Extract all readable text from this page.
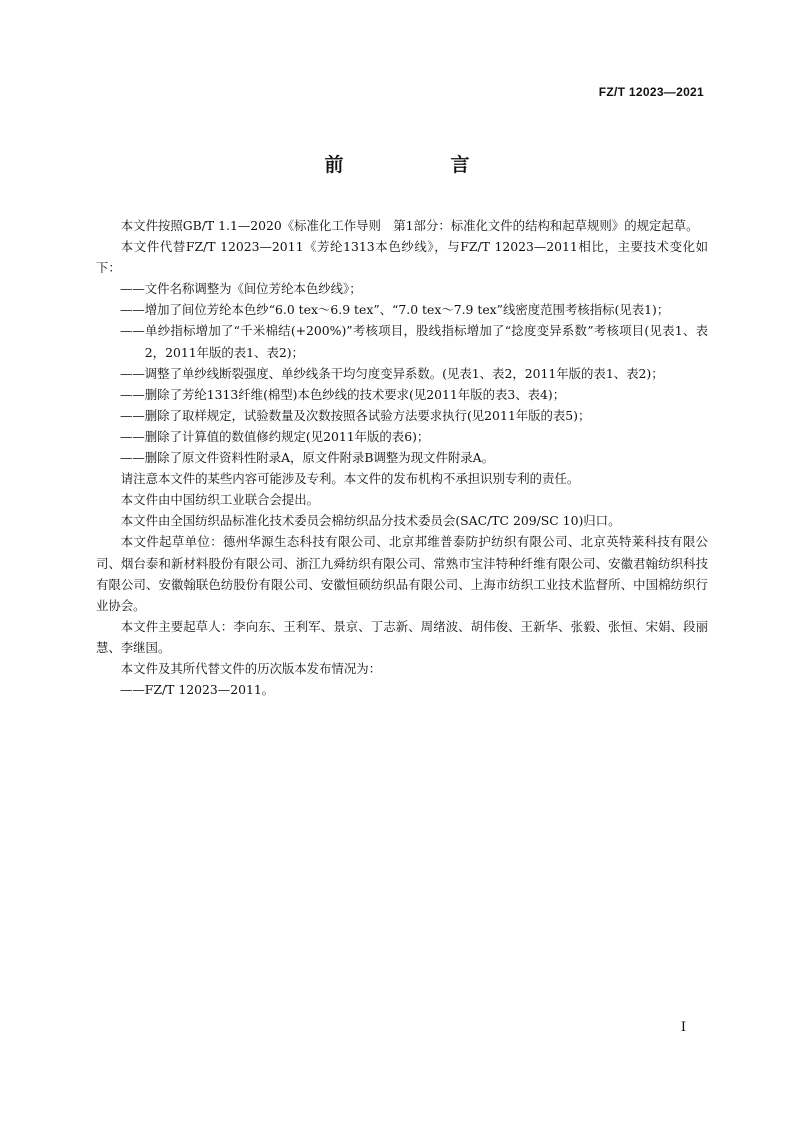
FZ/T 12023—2021
前　言

本文件按照GB/T 1.1—2020《标准化工作导则　第1部分：标准化文件的结构和起草规则》的规定起草。

本文件代替FZ/T 12023—2011《芳纶1313本色纱线》，与FZ/T 12023—2011相比，主要技术变化如下：

——文件名称调整为《间位芳纶本色纱线》；

——增加了间位芳纶本色纱“6.0 tex～6.9 tex”、“7.0 tex～7.9 tex”线密度范围考核指标(见表1)；

——单纱指标增加了“千米棉结(+200%)”考核项目，股线指标增加了“捻度变异系数”考核项目(见表1、表2，2011年版的表1、表2)；

——调整了单纱线断裂强度、单纱线条干均匀度变异系数。(见表1、表2，2011年版的表1、表2)；

——删除了芳纶1313纤维(棉型)本色纱线的技术要求(见2011年版的表3、表4)；

——删除了取样规定，试验数量及次数按照各试验方法要求执行(见2011年版的表5)；

——删除了计算值的数值修约规定(见2011年版的表6)；

——删除了原文件资料性附录A，原文件附录B调整为现文件附录A。

请注意本文件的某些内容可能涉及专利。本文件的发布机构不承担识别专利的责任。

本文件由中国纺织工业联合会提出。

本文件由全国纺织品标准化技术委员会棉纺织品分技术委员会(SAC/TC 209/SC 10)归口。

本文件起草单位：德州华源生态科技有限公司、北京邦维普泰防护纺织有限公司、北京英特莱科技有限公司、烟台泰和新材料股份有限公司、浙江九舜纺织有限公司、常熟市宝沣特种纤维有限公司、安徽君翰纺织科技有限公司、安徽翰联色纺股份有限公司、安徽恒硕纺织品有限公司、上海市纺织工业技术监督所、中国棉纺织行业协会。

本文件主要起草人：李向东、王利军、景京、丁志新、周绪波、胡伟俊、王新华、张毅、张恒、宋娟、段丽慧、李继国。

本文件及其所代替文件的历次版本发布情况为：

——FZ/T 12023—2011。

I
